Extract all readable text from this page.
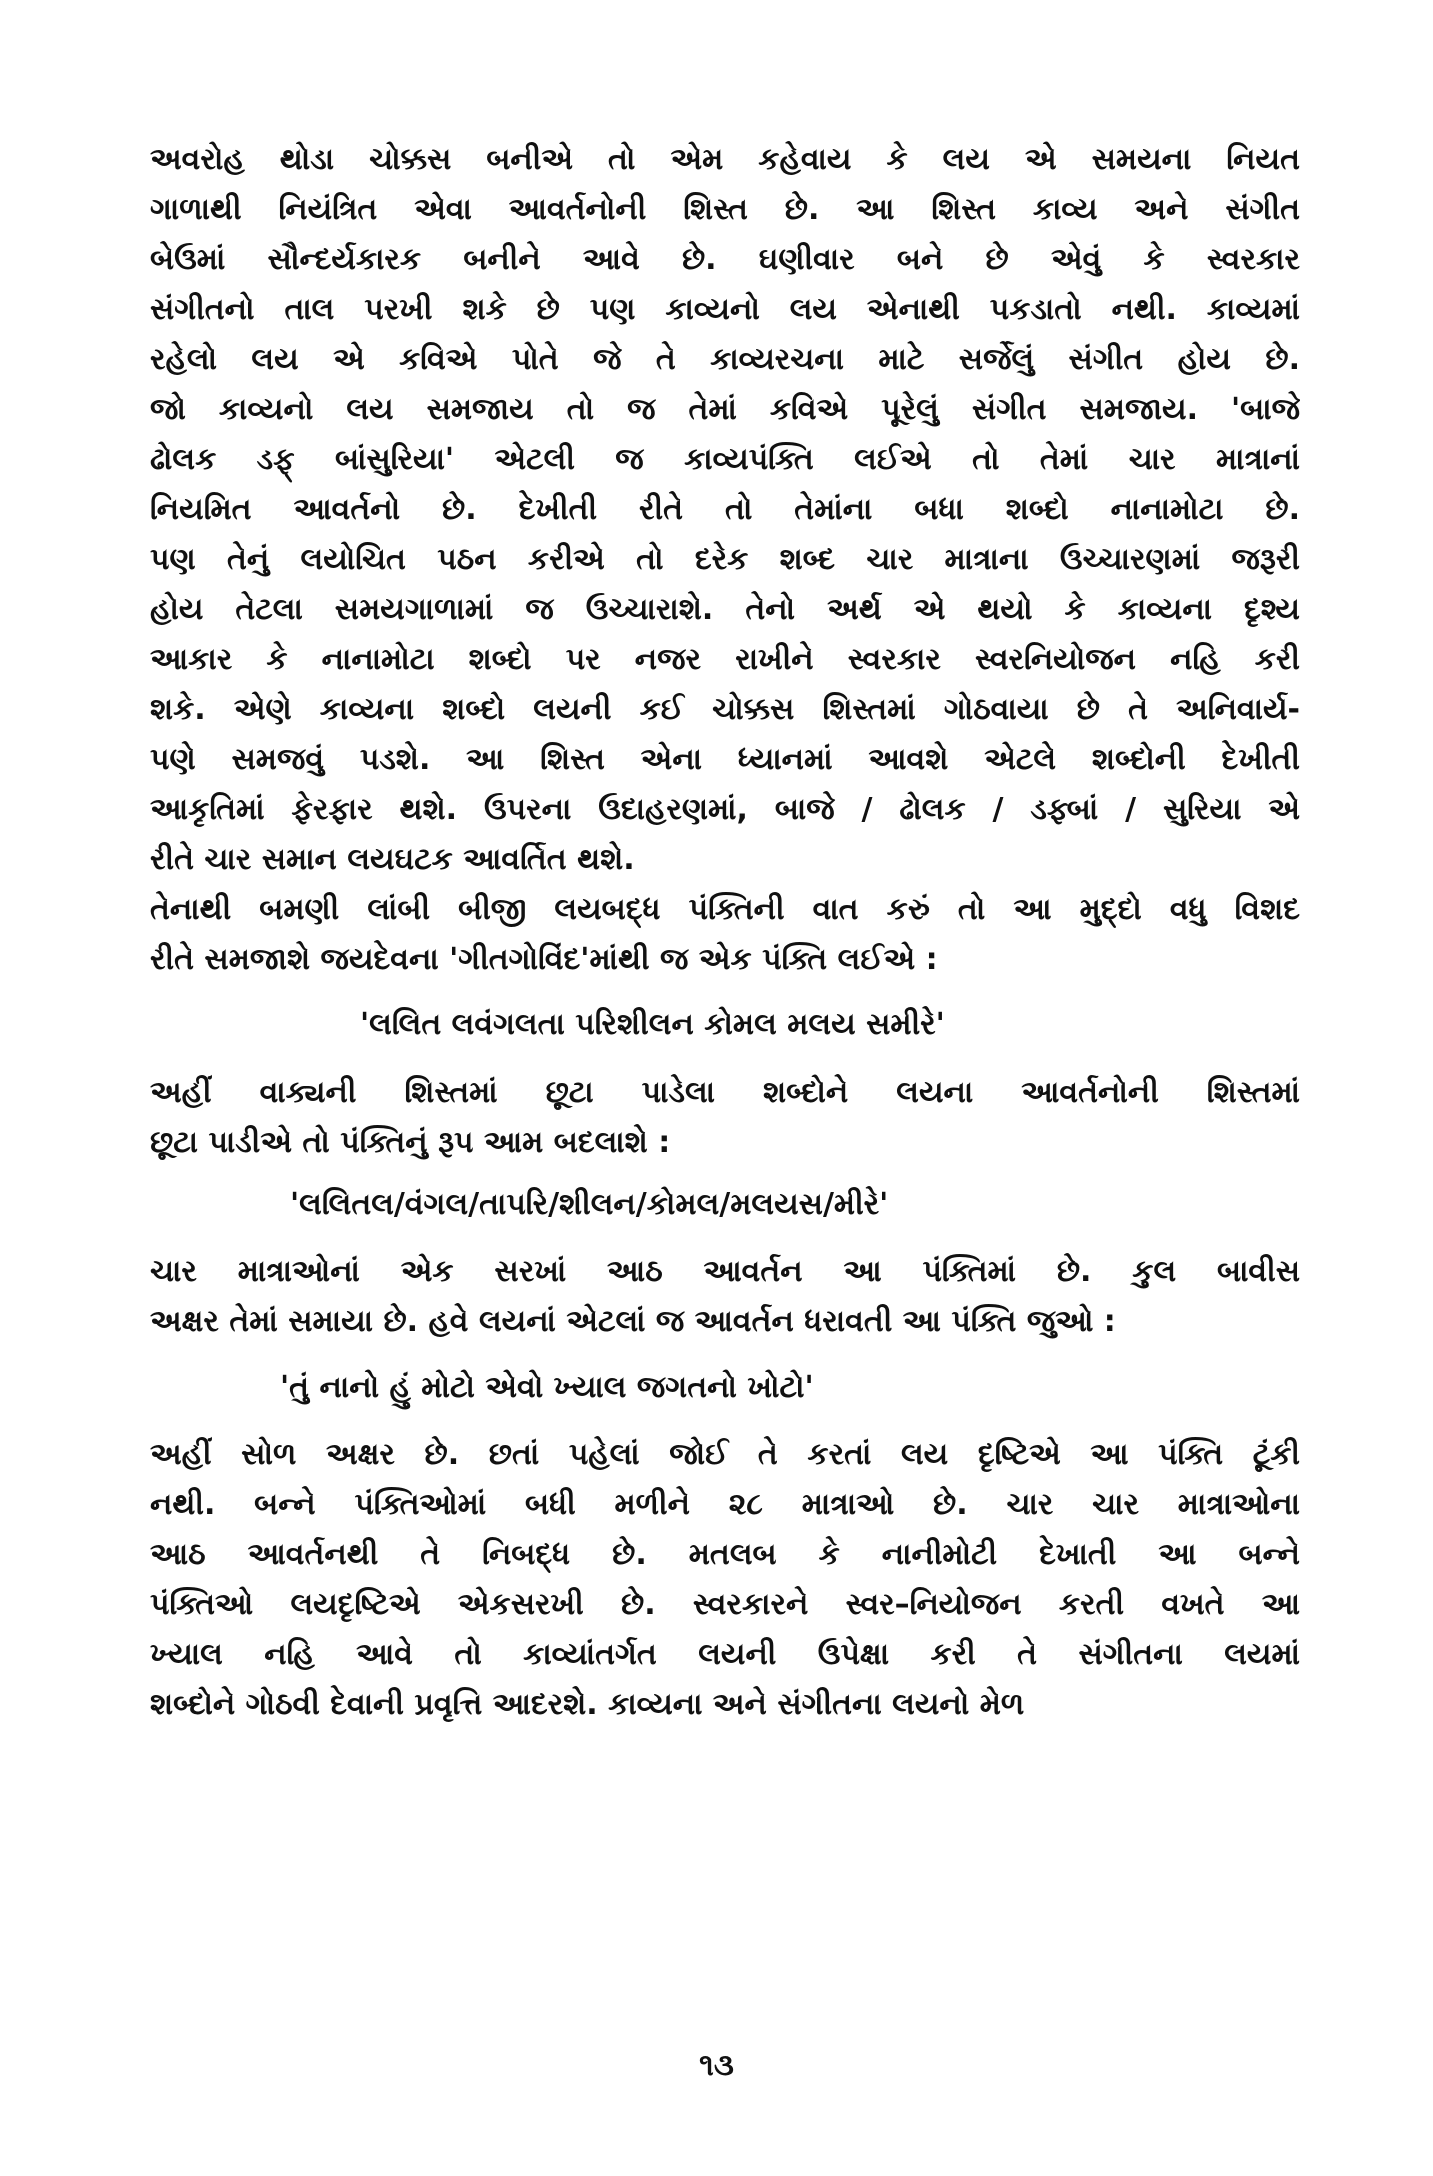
અવરોહ થોડા ચોક્કસ બનીએ તો એમ કહેવાય કે લય એ સમયના નિયત
ગાળાથી નિયંત્રિત એવા આવર્તનોની શિસ્ત છે. આ શિસ્ત કાવ્ય અને સંગીત
બેઉમાં સૌન્દર્યકારક બનીને આવે છે. ઘણીવાર બને છે એવું કે સ્વરકાર
સંગીતનો તાલ પરખી શકે છે પણ કાવ્યનો લય એનાથી પકડાતો નથી. કાવ્યમાં
રહેલો લય એ કવિએ પોતે જે તે કાવ્યરચના માટે સર્જેલું સંગીત હોય છે.
જો કાવ્યનો લય સમજાય તો જ તેમાં કવિએ પૂરેલું સંગીત સમજાય. 'બાજે
ઢોલક ડફ્ બાંસુરિયા' એટલી જ કાવ્યપંક્તિ લઈએ તો તેમાં ચાર માત્રાનાં
નિયમિત આવર્તનો છે. દેખીતી રીતે તો તેમાંના બધા શબ્દો નાનામોટા છે.
પણ તેનું લયોચિત પઠન કરીએ તો દરેક શબ્દ ચાર માત્રાના ઉચ્ચારણમાં જરૂરી
હોય તેટલા સમયગાળામાં જ ઉચ્ચારાશે. તેનો અર્થ એ થયો કે કાવ્યના દૃશ્ય
આકાર કે નાનામોટા શબ્દો પર નજર રાખીને સ્વરકાર સ્વરનિયોજન નહિ કરી
શકે. એણે કાવ્યના શબ્દો લયની કઈ ચોક્કસ શિસ્તમાં ગોઠવાયા છે તે અનિવાર્ય-
પણે સમજવું પડશે. આ શિસ્ત એના ધ્યાનમાં આવશે એટલે શબ્દોની દેખીતી
આકૃતિમાં ફેરફાર થશે. ઉપરના ઉદાહરણમાં, બાજે / ઢોલક / ડફ્બાં / સુરિયા એ
રીતે ચાર સમાન લયઘટક આવર્તિત થશે.

તેનાથી બમણી લાંબી બીજી લયબદ્ધ પંક્તિની વાત કરું તો આ મુદ્દો વધુ વિશદ
રીતે સમજાશે જયદેવના 'ગીતગોવિંદ'માંથી જ એક પંક્તિ લઈએ :

'લલિત લવંગલતા પરિશીલન કોમલ મલય સમીરે'

અહીં વાક્યની શિસ્તમાં છૂટા પાડેલા શબ્દોને લયના આવર્તનોની શિસ્તમાં
છૂટા પાડીએ તો પંક્તિનું રૂપ આમ બદલાશે :

'લલિતલ/વંગલ/તાપરિ/શીલન/કોમલ/મલયસ/મીરે'

ચાર માત્રાઓનાં એક સરખાં આઠ આવર્તન આ પંક્તિમાં છે. કુલ બાવીસ
અક્ષર તેમાં સમાયા છે. હવે લયનાં એટલાં જ આવર્તન ધરાવતી આ પંક્તિ જુઓ :

'તું નાનો હું મોટો એવો ખ્યાલ જગતનો ખોટો'

અહીં સોળ અક્ષર છે. છતાં પહેલાં જોઈ તે કરતાં લય દૃષ્ટિએ આ પંક્તિ ટૂંકી
નથી. બન્ને પંક્તિઓમાં બધી મળીને ૨૮ માત્રાઓ છે. ચાર ચાર માત્રાઓના
આઠ આવર્તનથી તે નિબદ્ધ છે. મતલબ કે નાનીમોટી દેખાતી આ બન્ને
પંક્તિઓ લયદૃષ્ટિએ એકસરખી છે. સ્વરકારને સ્વર–નિયોજન કરતી વખતે આ
ખ્યાલ નહિ આવે તો કાવ્યાંતર્ગત લયની ઉપેક્ષા કરી તે સંગીતના લયમાં
શબ્દોને ગોઠવી દેવાની પ્રવૃત્તિ આદરશે. કાવ્યના અને સંગીતના લયનો મેળ

૧૩
